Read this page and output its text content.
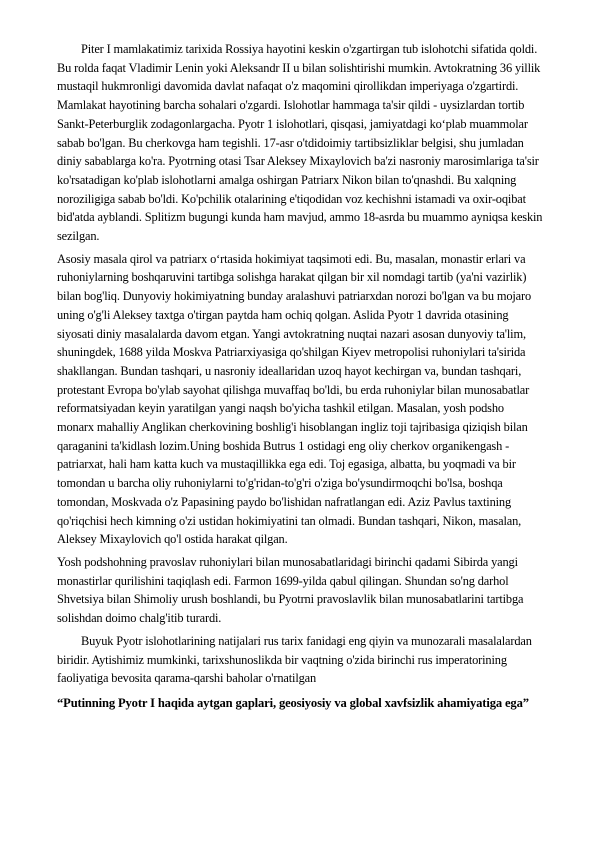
Piter I mamlakatimiz tarixida Rossiya hayotini keskin o'zgartirgan tub islohotchi sifatida qoldi. Bu rolda faqat Vladimir Lenin yoki Aleksandr II u bilan solishtirishi mumkin. Avtokratning 36 yillik mustaqil hukmronligi davomida davlat nafaqat o'z maqomini qirollikdan imperiyaga o'zgartirdi. Mamlakat hayotining barcha sohalari o'zgardi. Islohotlar hammaga ta'sir qildi - uysizlardan tortib Sankt-Peterburglik zodagonlargacha. Pyotr 1 islohotlari, qisqasi, jamiyatdagi ko‘plab muammolar sabab bo'lgan. Bu cherkovga ham tegishli. 17-asr o'tdidoimiy tartibsizliklar belgisi, shu jumladan diniy sabablarga ko'ra. Pyotrning otasi Tsar Aleksey Mixaylovich ba'zi nasroniy marosimlariga ta'sir ko'rsatadigan ko'plab islohotlarni amalga oshirgan Patriarx Nikon bilan to'qnashdi. Bu xalqning noroziligiga sabab bo'ldi. Ko'pchilik otalarining e'tiqodidan voz kechishni istamadi va oxir-oqibat bid'atda ayblandi. Splitizm bugungi kunda ham mavjud, ammo 18-asrda bu muammo ayniqsa keskin sezilgan.

Asosiy masala qirol va patriarx o‘rtasida hokimiyat taqsimoti edi. Bu, masalan, monastir erlari va ruhoniylarning boshqaruvini tartibga solishga harakat qilgan bir xil nomdagi tartib (ya'ni vazirlik) bilan bog'liq. Dunyoviy hokimiyatning bunday aralashuvi patriarxdan norozi bo'lgan va bu mojaro uning o'g'li Aleksey taxtga o'tirgan paytda ham ochiq qolgan. Aslida Pyotr 1 davrida otasining siyosati diniy masalalarda davom etgan. Yangi avtokratning nuqtai nazari asosan dunyoviy ta'lim, shuningdek, 1688 yilda Moskva Patriarxiyasiga qo'shilgan Kiyev metropolisi ruhoniylari ta'sirida shakllangan. Bundan tashqari, u nasroniy ideallaridan uzoq hayot kechirgan va, bundan tashqari, protestant Evropa bo'ylab sayohat qilishga muvaffaq bo'ldi, bu erda ruhoniylar bilan munosabatlar reformatsiyadan keyin yaratilgan yangi naqsh bo'yicha tashkil etilgan. Masalan, yosh podsho monarx mahalliy Anglikan cherkovining boshlig'i hisoblangan ingliz toji tajribasiga qiziqish bilan qaraganini ta'kidlash lozim.Uning boshida Butrus 1 ostidagi eng oliy cherkov organikengash - patriarxat, hali ham katta kuch va mustaqillikka ega edi. Toj egasiga, albatta, bu yoqmadi va bir tomondan u barcha oliy ruhoniylarni to'g'ridan-to'g'ri o'ziga bo'ysundirmoqchi bo'lsa, boshqa tomondan, Moskvada o'z Papasining paydo bo'lishidan nafratlangan edi. Aziz Pavlus taxtining qo'riqchisi hech kimning o'zi ustidan hokimiyatini tan olmadi. Bundan tashqari, Nikon, masalan, Aleksey Mixaylovich qo'l ostida harakat qilgan.

Yosh podshohning pravoslav ruhoniylari bilan munosabatlaridagi birinchi qadami Sibirda yangi monastirlar qurilishini taqiqlash edi. Farmon 1699-yilda qabul qilingan. Shundan so'ng darhol Shvetsiya bilan Shimoliy urush boshlandi, bu Pyotrni pravoslavlik bilan munosabatlarini tartibga solishdan doimo chalg'itib turardi.

Buyuk Pyotr islohotlarining natijalari rus tarix fanidagi eng qiyin va munozarali masalalardan biridir. Aytishimiz mumkinki, tarixshunoslikda bir vaqtning o'zida birinchi rus imperatorining faoliyatiga bevosita qarama-qarshi baholar o'rnatilgan

“Putinning Pyotr I haqida aytgan gaplari, geosiyosiy va global xavfsizlik ahamiyatiga ega”
